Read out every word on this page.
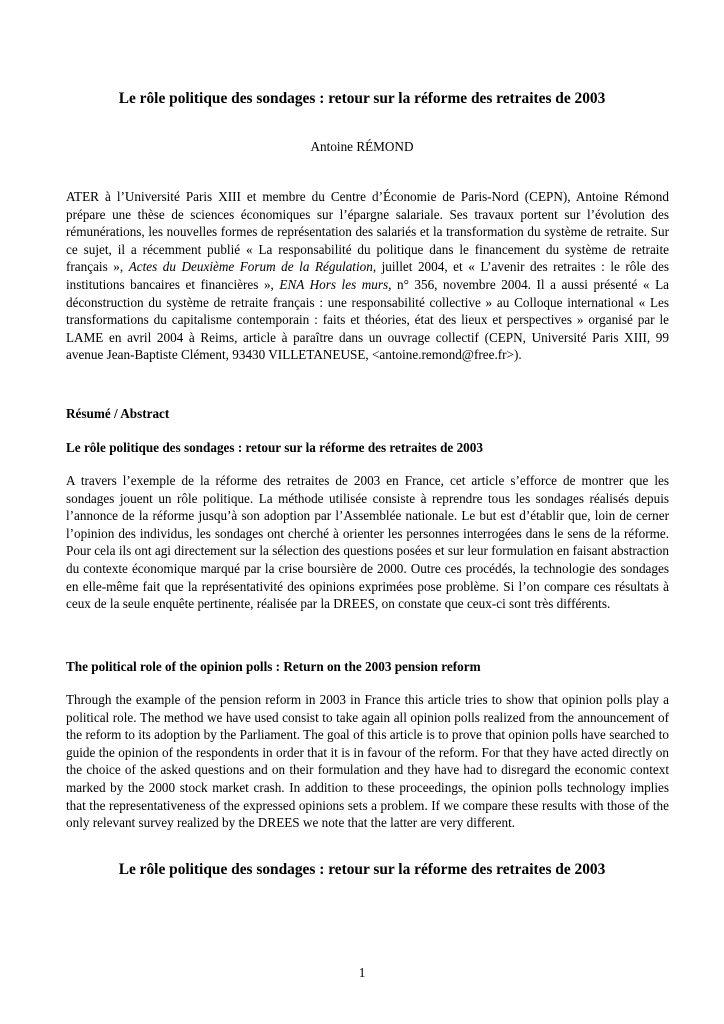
Le rôle politique des sondages : retour sur la réforme des retraites de 2003
Antoine RÉMOND

ATER à l’Université Paris XIII et membre du Centre d’Économie de Paris-Nord (CEPN), Antoine Rémond prépare une thèse de sciences économiques sur l’épargne salariale. Ses travaux portent sur l’évolution des rémunérations, les nouvelles formes de représentation des salariés et la transformation du système de retraite. Sur ce sujet, il a récemment publié « La responsabilité du politique dans le financement du système de retraite français », Actes du Deuxième Forum de la Régulation, juillet 2004, et « L’avenir des retraites : le rôle des institutions bancaires et financières », ENA Hors les murs, n° 356, novembre 2004. Il a aussi présenté « La déconstruction du système de retraite français : une responsabilité collective » au Colloque international « Les transformations du capitalisme contemporain : faits et théories, état des lieux et perspectives » organisé par le LAME en avril 2004 à Reims, article à paraître dans un ouvrage collectif (CEPN, Université Paris XIII, 99 avenue Jean-Baptiste Clément, 93430 VILLETANEUSE, <antoine.remond@free.fr>).

Résumé / Abstract
Le rôle politique des sondages : retour sur la réforme des retraites de 2003

A travers l’exemple de la réforme des retraites de 2003 en France, cet article s’efforce de montrer que les sondages jouent un rôle politique. La méthode utilisée consiste à reprendre tous les sondages réalisés depuis l’annonce de la réforme jusqu’à son adoption par l’Assemblée nationale. Le but est d’établir que, loin de cerner l’opinion des individus, les sondages ont cherché à orienter les personnes interrogées dans le sens de la réforme. Pour cela ils ont agi directement sur la sélection des questions posées et sur leur formulation en faisant abstraction du contexte économique marqué par la crise boursière de 2000. Outre ces procédés, la technologie des sondages en elle-même fait que la représentativité des opinions exprimées pose problème. Si l’on compare ces résultats à ceux de la seule enquête pertinente, réalisée par la DREES, on constate que ceux-ci sont très différents.

The political role of the opinion polls : Return on the 2003 pension reform

Through the example of the pension reform in 2003 in France this article tries to show that opinion polls play a political role. The method we have used consist to take again all opinion polls realized from the announcement of the reform to its adoption by the Parliament. The goal of this article is to prove that opinion polls have searched to guide the opinion of the respondents in order that it is in favour of the reform. For that they have acted directly on the choice of the asked questions and on their formulation and they have had to disregard the economic context marked by the 2000 stock market crash. In addition to these proceedings, the opinion polls technology implies that the representativeness of the expressed opinions sets a problem. If we compare these results with those of the only relevant survey realized by the DREES we note that the latter are very different.

Le rôle politique des sondages : retour sur la réforme des retraites de 2003
1
